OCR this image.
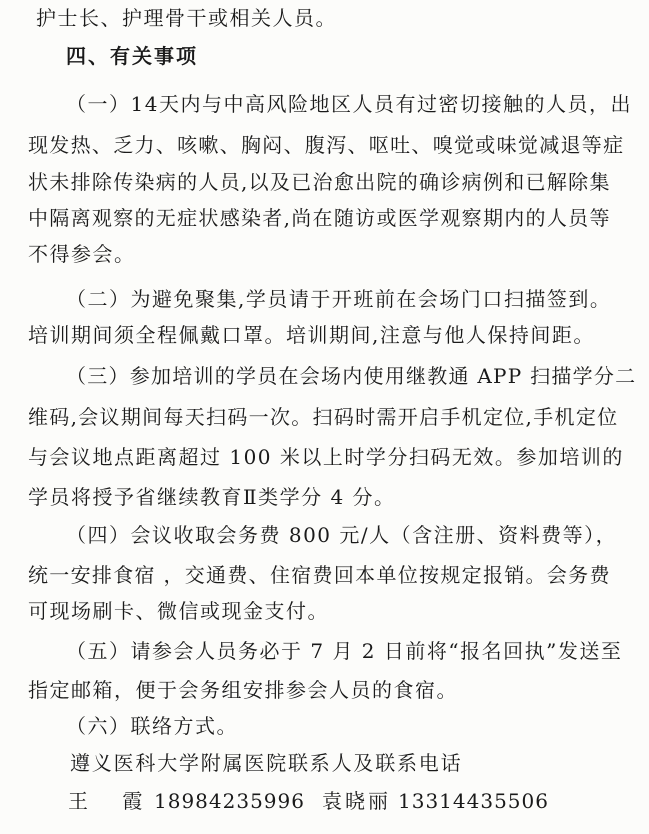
护士长、护理骨干或相关人员。
四、有关事项
（一）14天内与中高风险地区人员有过密切接触的人员，出
现发热、乏力、咳嗽、胸闷、腹泻、呕吐、嗅觉或味觉减退等症
状未排除传染病的人员,以及已治愈出院的确诊病例和已解除集
中隔离观察的无症状感染者,尚在随访或医学观察期内的人员等
不得参会。
（二）为避免聚集,学员请于开班前在会场门口扫描签到。
培训期间须全程佩戴口罩。培训期间,注意与他人保持间距。
（三）参加培训的学员在会场内使用继教通 APP 扫描学分二
维码,会议期间每天扫码一次。扫码时需开启手机定位,手机定位
与会议地点距离超过 100 米以上时学分扫码无效。参加培训的
学员将授予省继续教育Ⅱ类学分 4 分。
（四）会议收取会务费 800 元/人（含注册、资料费等），
统一安排食宿 ，交通费、住宿费回本单位按规定报销。会务费
可现场刷卡、微信或现金支付。
（五）请参会人员务必于 7 月 2 日前将“报名回执”发送至
指定邮箱，便于会务组安排参会人员的食宿。
（六）联络方式。
遵义医科大学附属医院联系人及联系电话
王 霞
18984235996 袁晓丽 13314435506
